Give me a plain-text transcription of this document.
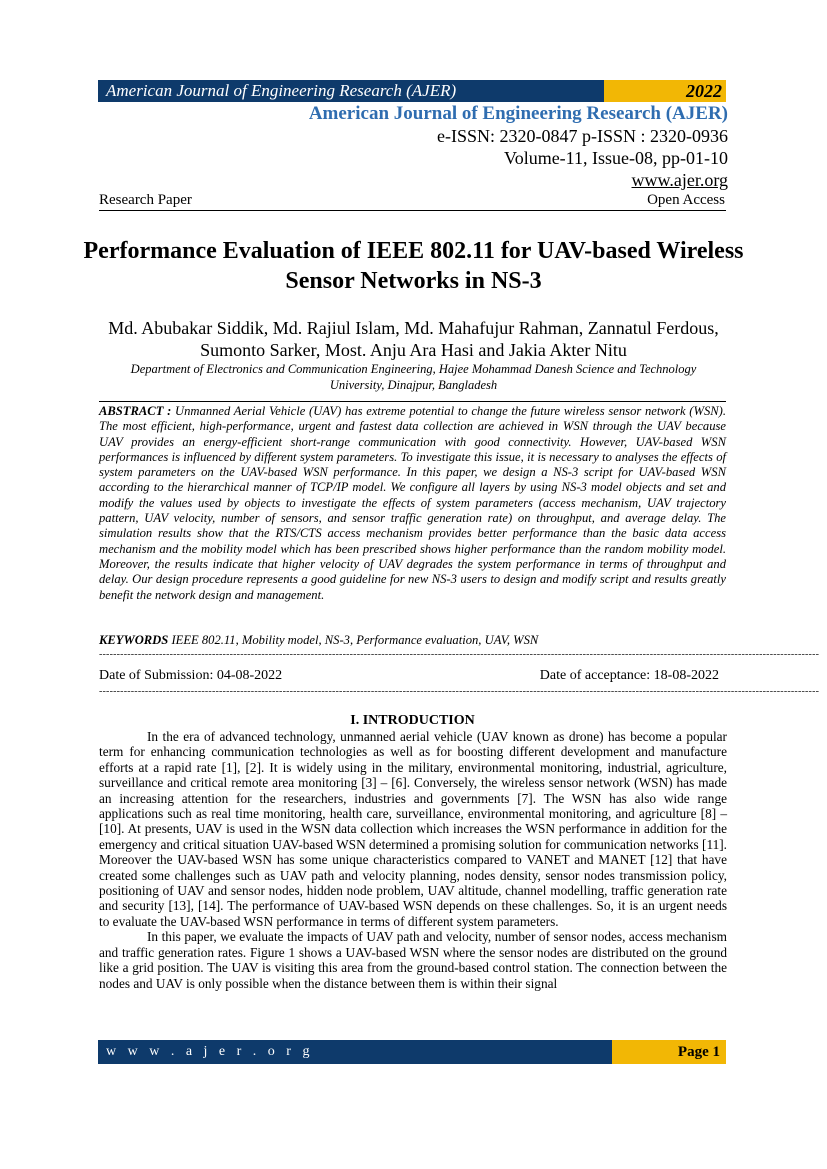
American Journal of Engineering Research (AJER)	2022
American Journal of Engineering Research (AJER)
e-ISSN: 2320-0847 p-ISSN : 2320-0936
Volume-11, Issue-08, pp-01-10
www.ajer.org
Research Paper	Open Access
Performance Evaluation of IEEE 802.11 for UAV-based Wireless Sensor Networks in NS-3
Md. Abubakar Siddik, Md. Rajiul Islam, Md. Mahafujur Rahman, Zannatul Ferdous, Sumonto Sarker, Most. Anju Ara Hasi and Jakia Akter Nitu
Department of Electronics and Communication Engineering, Hajee Mohammad Danesh Science and Technology University, Dinajpur, Bangladesh
ABSTRACT : Unmanned Aerial Vehicle (UAV) has extreme potential to change the future wireless sensor network (WSN). The most efficient, high-performance, urgent and fastest data collection are achieved in WSN through the UAV because UAV provides an energy-efficient short-range communication with good connectivity. However, UAV-based WSN performances is influenced by different system parameters. To investigate this issue, it is necessary to analyses the effects of system parameters on the UAV-based WSN performance. In this paper, we design a NS-3 script for UAV-based WSN according to the hierarchical manner of TCP/IP model. We configure all layers by using NS-3 model objects and set and modify the values used by objects to investigate the effects of system parameters (access mechanism, UAV trajectory pattern, UAV velocity, number of sensors, and sensor traffic generation rate) on throughput, and average delay. The simulation results show that the RTS/CTS access mechanism provides better performance than the basic data access mechanism and the mobility model which has been prescribed shows higher performance than the random mobility model. Moreover, the results indicate that higher velocity of UAV degrades the system performance in terms of throughput and delay. Our design procedure represents a good guideline for new NS-3 users to design and modify script and results greatly benefit the network design and management.
KEYWORDS IEEE 802.11, Mobility model, NS-3, Performance evaluation, UAV, WSN
------------------------------------------------------------------------------------------------------------------------------------------------------------------------------------------------------------
Date of Submission: 04-08-2022	Date of acceptance: 18-08-2022
------------------------------------------------------------------------------------------------------------------------------------------------------------------------------------------------------------
I. INTRODUCTION

In the era of advanced technology, unmanned aerial vehicle (UAV known as drone) has become a popular term for enhancing communication technologies as well as for boosting different development and manufacture efforts at a rapid rate [1], [2]. It is widely using in the military, environmental monitoring, industrial, agriculture, surveillance and critical remote area monitoring [3] – [6]. Conversely, the wireless sensor network (WSN) has made an increasing attention for the researchers, industries and governments [7]. The WSN has also wide range applications such as real time monitoring, health care, surveillance, environmental monitoring, and agriculture [8] – [10]. At presents, UAV is used in the WSN data collection which increases the WSN performance in addition for the emergency and critical situation UAV-based WSN determined a promising solution for communication networks [11]. Moreover the UAV-based WSN has some unique characteristics compared to VANET and MANET [12] that have created some challenges such as UAV path and velocity planning, nodes density, sensor nodes transmission policy, positioning of UAV and sensor nodes, hidden node problem, UAV altitude, channel modelling, traffic generation rate and security [13], [14]. The performance of UAV-based WSN depends on these challenges. So, it is an urgent needs to evaluate the UAV-based WSN performance in terms of different system parameters.

In this paper, we evaluate the impacts of UAV path and velocity, number of sensor nodes, access mechanism and traffic generation rates. Figure 1 shows a UAV-based WSN where the sensor nodes are distributed on the ground like a grid position. The UAV is visiting this area from the ground-based control station. The connection between the nodes and UAV is only possible when the distance between them is within their signal

w w w . a j e r . o r g	Page 1
